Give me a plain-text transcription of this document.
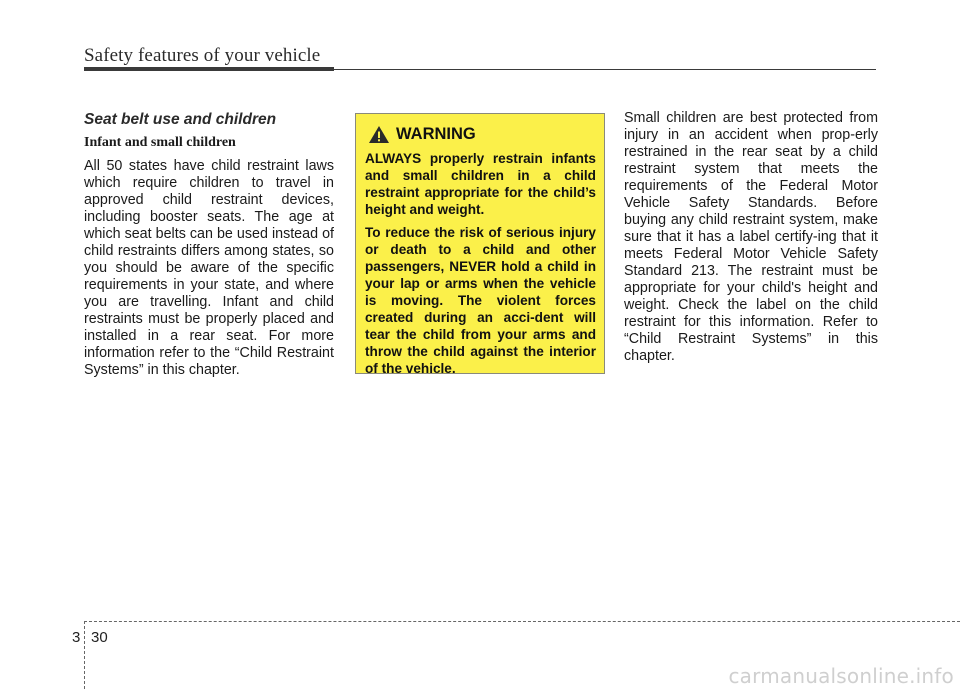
Safety features of your vehicle

Seat belt use and children

Infant and small children

All 50 states have child restraint laws which require children to travel in approved child restraint devices, including booster seats. The age at which seat belts can be used instead of child restraints differs among states, so you should be aware of the specific requirements in your state, and where you are travelling. Infant and child restraints must be properly placed and installed in a rear seat. For more information refer to the “Child Restraint Systems” in this chapter.

WARNING

ALWAYS properly restrain infants and small children in a child restraint appropriate for the child’s height and weight.

To reduce the risk of serious injury or death to a child and other passengers, NEVER hold a child in your lap or arms when the vehicle is moving. The violent forces created during an acci-dent will tear the child from your arms and throw the child against the interior of the vehicle.

Small children are best protected from injury in an accident when prop-erly restrained in the rear seat by a child restraint system that meets the requirements of the Federal Motor Vehicle Safety Standards. Before buying any child restraint system, make sure that it has a label certify-ing that it meets Federal Motor Vehicle Safety Standard 213. The restraint must be appropriate for your child's height and weight. Check the label on the child restraint for this information. Refer to “Child Restraint Systems” in this chapter.

3 30
carmanualsonline.info
